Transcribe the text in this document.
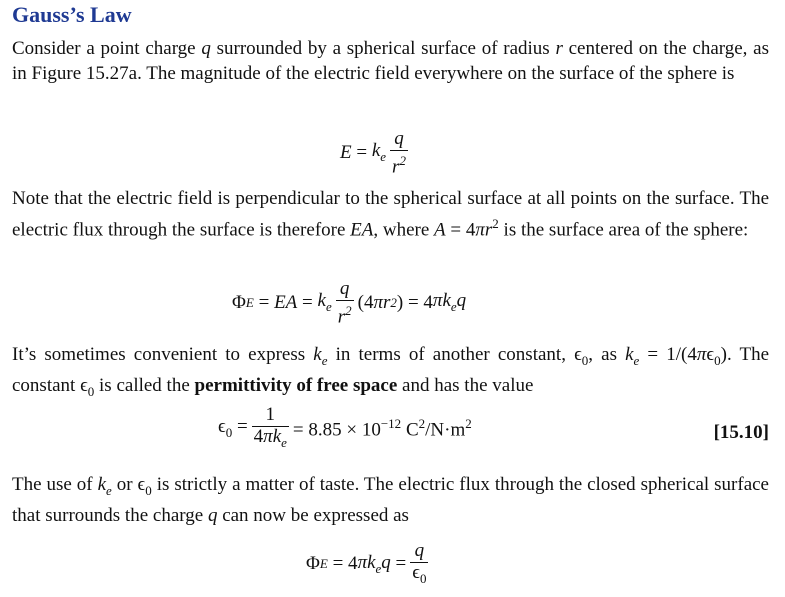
Gauss’s Law
Consider a point charge q surrounded by a spherical surface of radius r centered on the charge, as in Figure 15.27a. The magnitude of the electric field everywhere on the surface of the sphere is
$E = k_e \frac{q}{r^2}$
Note that the electric field is perpendicular to the spherical surface at all points on the surface. The electric flux through the surface is therefore EA, where $A = 4\pi r^2$ is the surface area of the sphere:
Φ E = EA = $k_e \frac{q}{r^2} (4$ πr 2 ) = 4 $\pi k_eq$
It’s sometimes convenient to express $k_e$ in terms of another constant, $\epsilon_0$, as $k_e = 1/(4\pi\epsilon_0)$. The constant $\epsilon_0$ is called the permittivity of free space and has the value
$\epsilon_0 = \frac{1}{4\pi k_e} = 8.85 \times 10^{-12}$ $C^2/N\cdot m^2$	[15.10]
The use of $k_e$ or $\epsilon_0$ is strictly a matter of taste. The electric flux through the closed spherical surface that surrounds the charge q can now be expressed as
Φ E = 4 $\pi k_eq = \frac{q}{\epsilon_0}$
